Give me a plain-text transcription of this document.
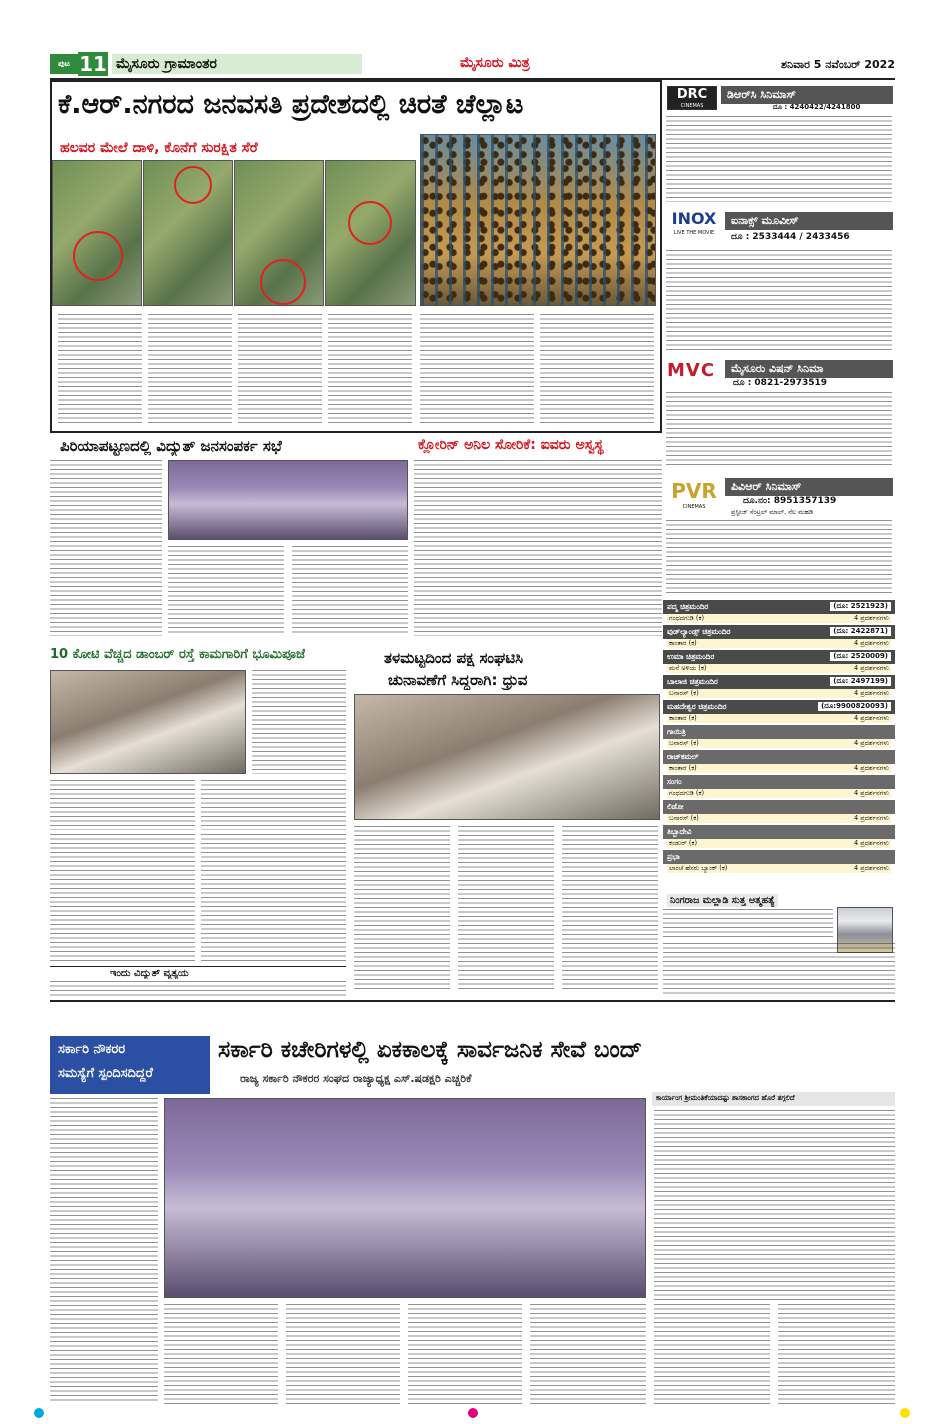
ಪುಟ 11 ಮೈಸೂರು ಗ್ರಾಮಾಂತರ	ಮೈಸೂರು ಮಿತ್ರ	ಶನಿವಾರ 5 ನವೆಂಬರ್ 2022
ಕೆ.ಆರ್.ನಗರದ ಜನವಸತಿ ಪ್ರದೇಶದಲ್ಲಿ ಚಿರತೆ ಚೆಲ್ಲಾಟ
ಹಲವರ ಮೇಲೆ ದಾಳಿ, ಕೊನೆಗೆ ಸುರಕ್ಷಿತ ಸೆರೆ
ಪಿರಿಯಾಪಟ್ಟಣದಲ್ಲಿ ವಿದ್ಯುತ್ ಜನಸಂಪರ್ಕ ಸಭೆ	ಕ್ಲೋರಿನ್ ಅನಿಲ ಸೋರಿಕೆ: ಐವರು ಅಸ್ವಸ್ಥ
10 ಕೋಟಿ ವೆಚ್ಚದ ಡಾಂಬರ್ ರಸ್ತೆ ಕಾಮಗಾರಿಗೆ ಭೂಮಿಪೂಜೆ	ತಳಮಟ್ಟದಿಂದ ಪಕ್ಷ ಸಂಘಟಿಸಿ
ಚುನಾವಣೆಗೆ ಸಿದ್ಧರಾಗಿ: ಧ್ರುವ
ಇಂದು ವಿದ್ಯುತ್ ವ್ಯತ್ಯಯ
DRC
CINEMAS
ಡಿಆರ್‌ಸಿ ಸಿನಿಮಾಸ್
ದೂ : 4240422/4241800
INOX
LIVE THE MOVIE
ಐನಾಕ್ಸ್ ಮೂವೀಸ್
ದೂ : 2533444 / 2433456
MVC	ಮೈಸೂರು ವಿಷನ್ ಸಿನಿಮಾ
ದೂ : 0821-2973519
PVR
CINEMAS
ಪಿವಿಆರ್ ಸಿನಿಮಾಸ್
ದೂ.ನಂ: 8951357139
ಪ್ರಸ್ಟೀಜ್ ಸೆಂಟ್ರಲ್ ಮಾಲ್, ನೆಲ ಮಹಡಿ
ಪದ್ಮ ಚಿತ್ರಮಂದಿರ	(ದೂ: 2521923)
ಗಂಧದಗುಡಿ (ಕ)	4 ಪ್ರದರ್ಶನಗಳು
ವುಡ್‌ಲ್ಯಾಂಡ್ಸ್ ಚಿತ್ರಮಂದಿರ	(ದೂ: 2422871)
ಕಾಂತಾರ (ಕ)	4 ಪ್ರದರ್ಶನಗಳು
ಉಮಾ ಚಿತ್ರಮಂದಿರ	(ದೂ: 2520009)
ಮನೆ ಅಳಿಯ (ಕ)	4 ಪ್ರದರ್ಶನಗಳು
ಬಾಲಾಜಿ ಚಿತ್ರಮಂದಿರ	(ದೂ: 2497199)
ಬನಾರಸ್ (ಕ)	4 ಪ್ರದರ್ಶನಗಳು
ಮಹದೇಶ್ವರ ಚಿತ್ರಮಂದಿರ	(ದೂ:9900820093)
ಕಾಂತಾರ (ಕ)	4 ಪ್ರದರ್ಶನಗಳು
ಗಾಯಿತ್ರಿ
ಬನಾರಸ್ (ಕ)	4 ಪ್ರದರ್ಶನಗಳು
ರಾಜ್‌ಕಮಲ್
ಕಾಂತಾರ (ಕ)	4 ಪ್ರದರ್ಶನಗಳು
ಸಂಗಂ
ಗಂಧದಗುಡಿ (ಕ)	4 ಪ್ರದರ್ಶನಗಳು
ಲಿಡೋ
ಬನಾರಸ್ (ಕ)	4 ಪ್ರದರ್ಶನಗಳು
ತಿಬ್ಬಾದೇವಿ
ಕಂಡುರ್ (ಕ)	4 ಪ್ರದರ್ಶನಗಳು
ಪ್ರಭಾ
ಲಾಂಚೆ ಹೆಸರು ಬ್ಯಾಂಕ್ (ಕ)	4 ಪ್ರದರ್ಶನಗಳು
ನಿಂಗರಾಜ ಮಲ್ಲಾಡಿ ಸುತ್ತ ಆತ್ಮಹತ್ಯೆ
ಸರ್ಕಾರಿ ನೌಕರರ
ಸಮಸ್ಯೆಗೆ ಸ್ಪಂದಿಸದಿದ್ದರೆ
ಸರ್ಕಾರಿ ಕಚೇರಿಗಳಲ್ಲಿ ಏಕಕಾಲಕ್ಕೆ ಸಾರ್ವಜನಿಕ ಸೇವೆ ಬಂದ್
ರಾಜ್ಯ ಸರ್ಕಾರಿ ನೌಕರರ ಸಂಘದ ರಾಜ್ಯಾಧ್ಯಕ್ಷ ಎಸ್.ಷಡಕ್ಷರಿ ಎಚ್ಚರಿಕೆ
ಕಾರ್ಯಾಂಗ ಶ್ರೀಮಂತಿಕೆಯಾದಷ್ಟು ಶಾಸಕಾಂಗದ ಹೊರೆ ತಗ್ಗಲಿದೆ
